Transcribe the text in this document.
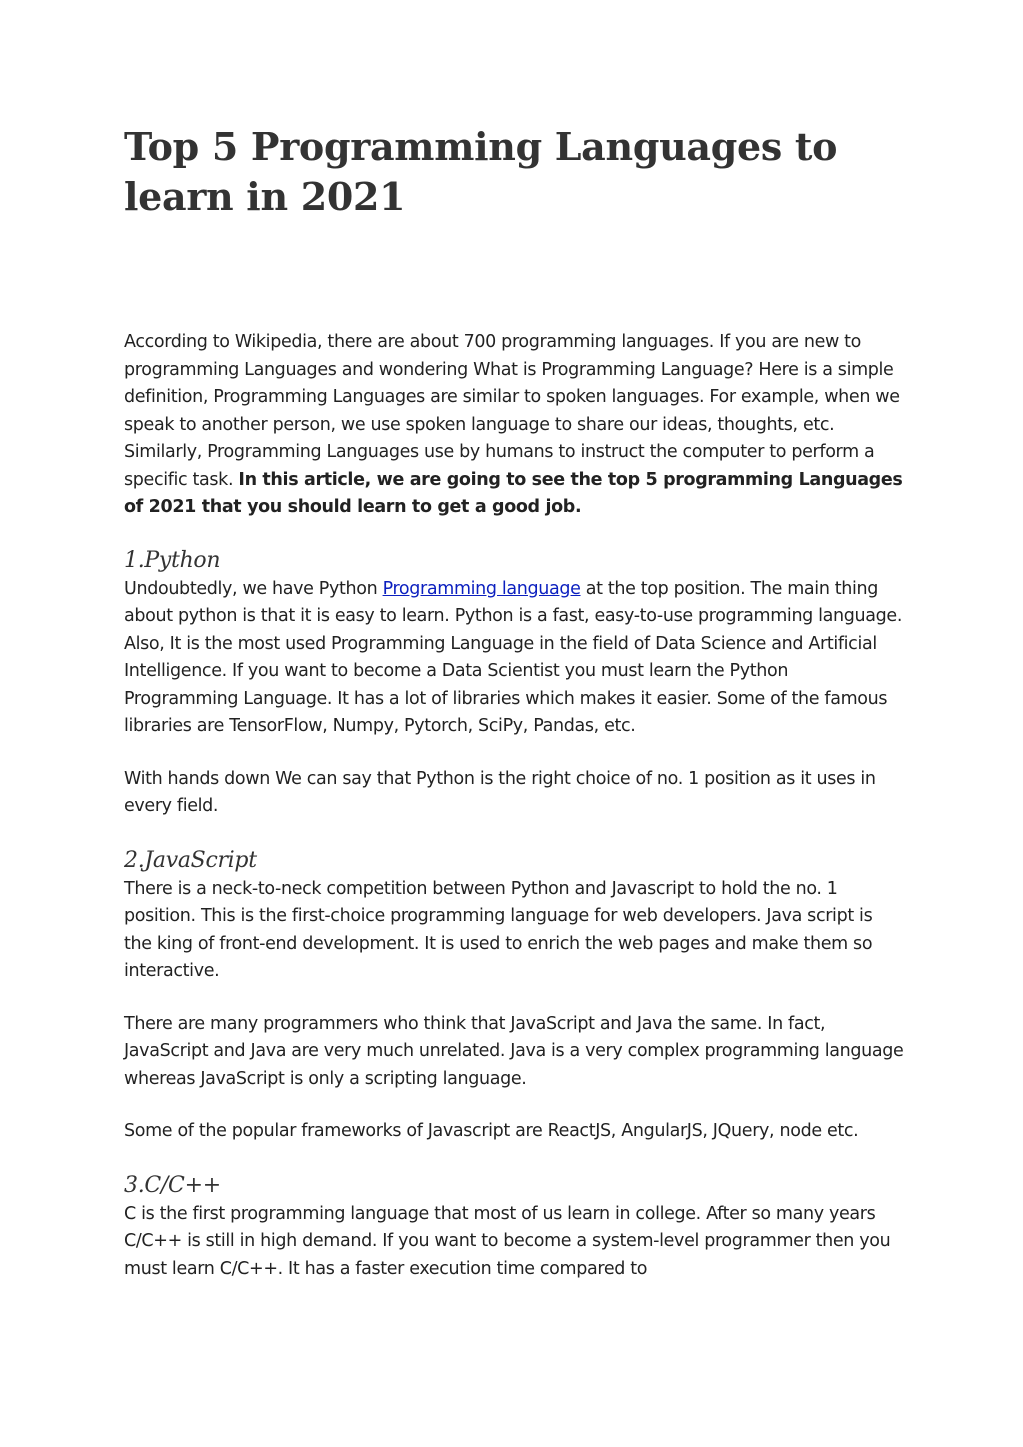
Top 5 Programming Languages to learn in 2021

According to Wikipedia, there are about 700 programming languages. If you are new to programming Languages and wondering What is Programming Language? Here is a simple definition, Programming Languages are similar to spoken languages. For example, when we speak to another person, we use spoken language to share our ideas, thoughts, etc. Similarly, Programming Languages use by humans to instruct the computer to perform a specific task. In this article, we are going to see the top 5 programming Languages of 2021 that you should learn to get a good job.

1.Python

Undoubtedly, we have Python Programming language at the top position. The main thing about python is that it is easy to learn. Python is a fast, easy-to-use programming language. Also, It is the most used Programming Language in the field of Data Science and Artificial Intelligence. If you want to become a Data Scientist you must learn the Python Programming Language. It has a lot of libraries which makes it easier. Some of the famous libraries are TensorFlow, Numpy, Pytorch, SciPy, Pandas, etc.

With hands down We can say that Python is the right choice of no. 1 position as it uses in every field.

2.JavaScript

There is a neck-to-neck competition between Python and Javascript to hold the no. 1 position. This is the first-choice programming language for web developers. Java script is the king of front-end development. It is used to enrich the web pages and make them so interactive.

There are many programmers who think that JavaScript and Java the same. In fact, JavaScript and Java are very much unrelated. Java is a very complex programming language whereas JavaScript is only a scripting language.

Some of the popular frameworks of Javascript are ReactJS, AngularJS, JQuery, node etc.

3.C/C++

C is the first programming language that most of us learn in college. After so many years C/C++ is still in high demand. If you want to become a system-level programmer then you must learn C/C++. It has a faster execution time compared to
